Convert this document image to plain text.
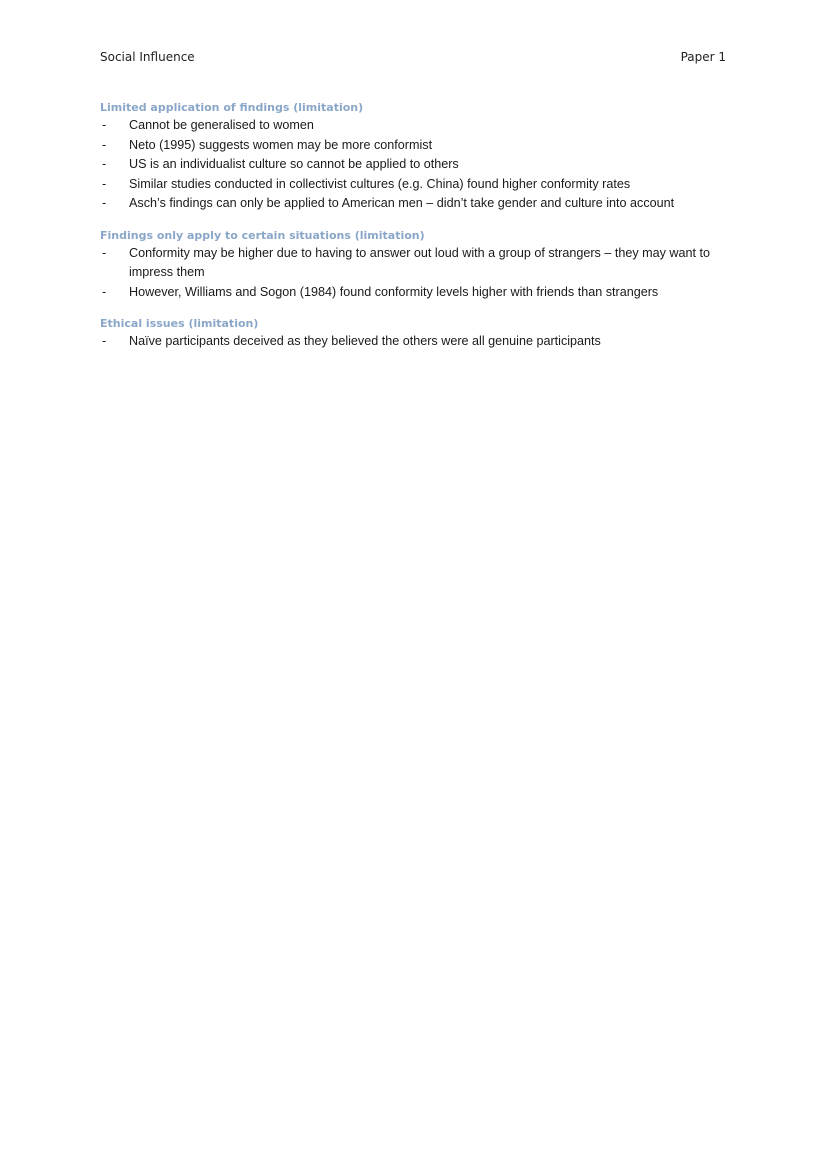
Social Influence	Paper 1
Limited application of findings (limitation)
- Cannot be generalised to women
- Neto (1995) suggests women may be more conformist
- US is an individualist culture so cannot be applied to others
- Similar studies conducted in collectivist cultures (e.g. China) found higher conformity rates
- Asch’s findings can only be applied to American men – didn’t take gender and culture into account
Findings only apply to certain situations (limitation)
- Conformity may be higher due to having to answer out loud with a group of strangers – they may want to impress them
- However, Williams and Sogon (1984) found conformity levels higher with friends than strangers
Ethical issues (limitation)
- Naïve participants deceived as they believed the others were all genuine participants
